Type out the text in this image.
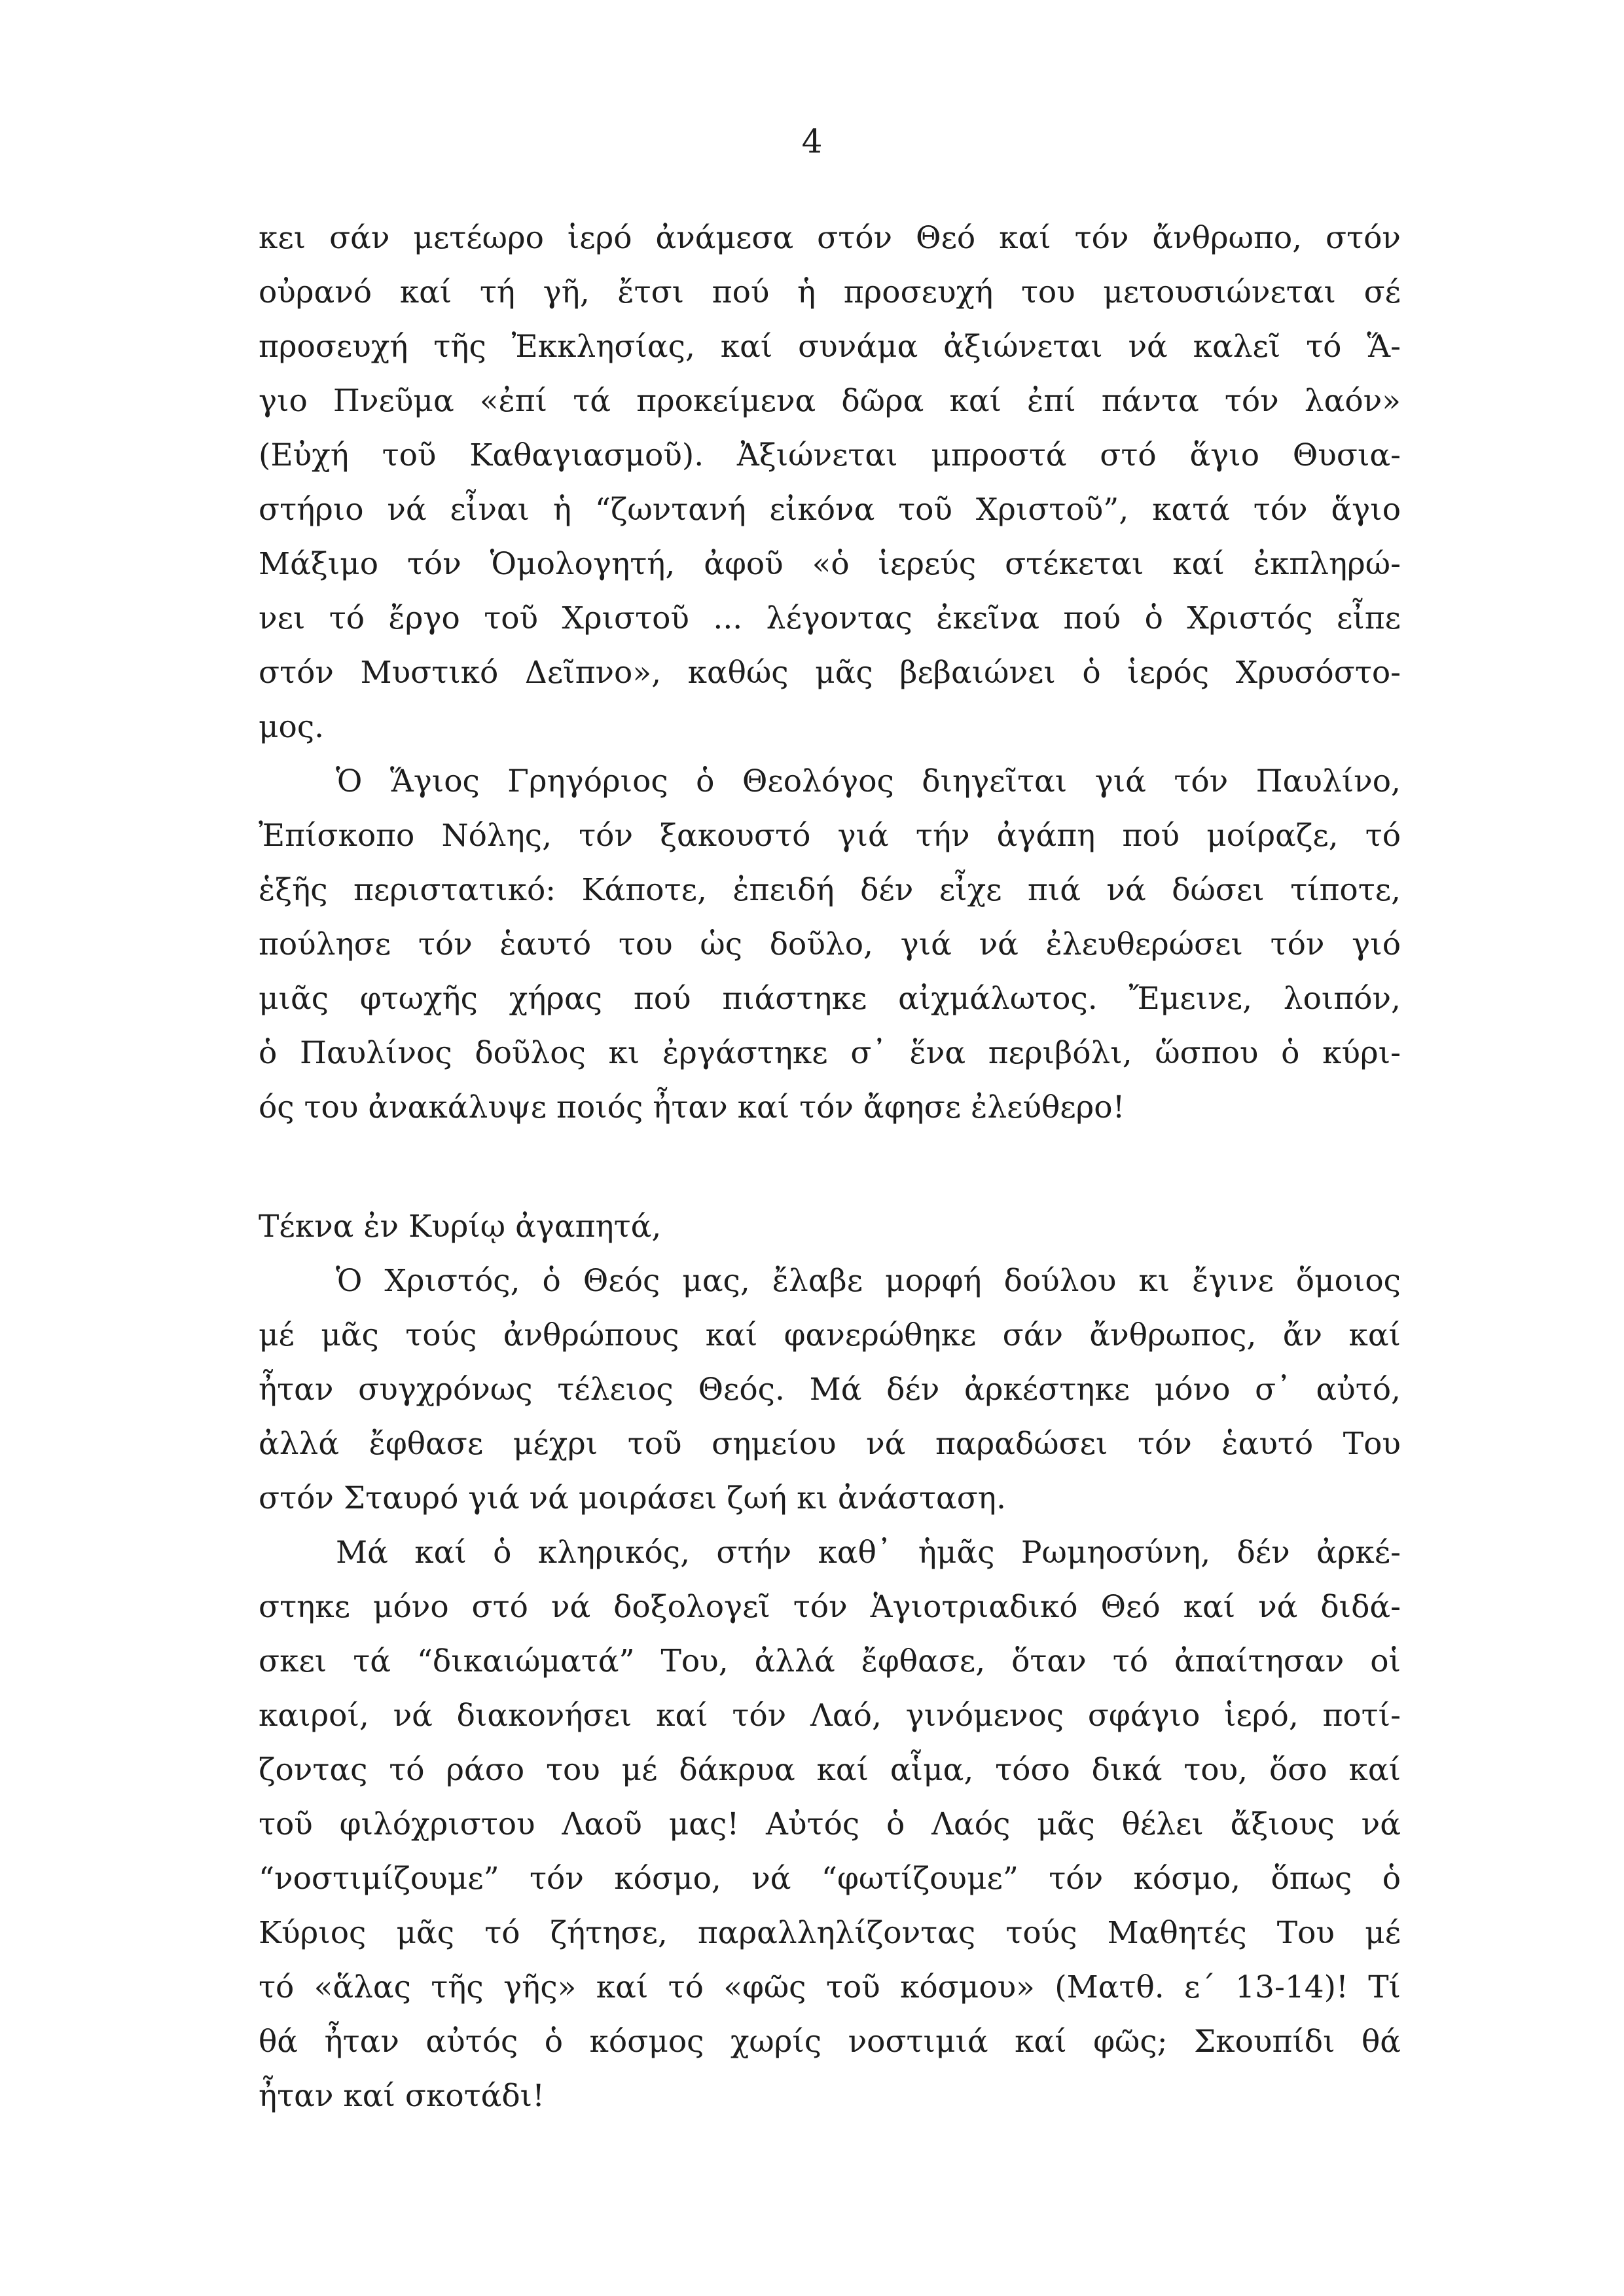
4
κει σάν μετέωρο ἱερό ἀνάμεσα στόν Θεό καί τόν ἄνθρωπο, στόν
οὐρανό καί τή γῆ, ἔτσι πού ἡ προσευχή του μετουσιώνεται σέ
προσευχή τῆς Ἐκκλησίας, καί συνάμα ἀξιώνεται νά καλεῖ τό Ἅ-
γιο Πνεῦμα «ἐπί τά προκείμενα δῶρα καί ἐπί πάντα τόν λαόν»
(Εὐχή τοῦ Καθαγιασμοῦ). Ἀξιώνεται μπροστά στό ἅγιο Θυσια-
στήριο νά εἶναι ἡ “ζωντανή εἰκόνα τοῦ Χριστοῦ”, κατά τόν ἅγιο
Μάξιμο τόν Ὁμολογητή, ἀφοῦ «ὁ ἱερεύς στέκεται καί ἐκπληρώ-
νει τό ἔργο τοῦ Χριστοῦ ... λέγοντας ἐκεῖνα πού ὁ Χριστός εἶπε
στόν Μυστικό Δεῖπνο», καθώς μᾶς βεβαιώνει ὁ ἱερός Χρυσόστο-
μος.
Ὁ Ἅγιος Γρηγόριος ὁ Θεολόγος διηγεῖται γιά τόν Παυλίνο,
Ἐπίσκοπο Νόλης, τόν ξακουστό γιά τήν ἀγάπη πού μοίραζε, τό
ἑξῆς περιστατικό: Κάποτε, ἐπειδή δέν εἶχε πιά νά δώσει τίποτε,
πούλησε τόν ἑαυτό του ὡς δοῦλο, γιά νά ἐλευθερώσει τόν γιό
μιᾶς φτωχῆς χήρας πού πιάστηκε αἰχμάλωτος. Ἔμεινε, λοιπόν,
ὁ Παυλίνος δοῦλος κι ἐργάστηκε σ᾽ ἕνα περιβόλι, ὥσπου ὁ κύρι-
ός του ἀνακάλυψε ποιός ἦταν καί τόν ἄφησε ἐλεύθερο!
Τέκνα ἐν Κυρίῳ ἀγαπητά,
Ὁ Χριστός, ὁ Θεός μας, ἔλαβε μορφή δούλου κι ἔγινε ὅμοιος
μέ μᾶς τούς ἀνθρώπους καί φανερώθηκε σάν ἄνθρωπος, ἄν καί
ἦταν συγχρόνως τέλειος Θεός. Μά δέν ἀρκέστηκε μόνο σ᾽ αὐτό,
ἀλλά ἔφθασε μέχρι τοῦ σημείου νά παραδώσει τόν ἑαυτό Του
στόν Σταυρό γιά νά μοιράσει ζωή κι ἀνάσταση.
Μά καί ὁ κληρικός, στήν καθ᾽ ἡμᾶς Ρωμηοσύνη, δέν ἀρκέ-
στηκε μόνο στό νά δοξολογεῖ τόν Ἁγιοτριαδικό Θεό καί νά διδά-
σκει τά “δικαιώματά” Του, ἀλλά ἔφθασε, ὅταν τό ἀπαίτησαν οἱ
καιροί, νά διακονήσει καί τόν Λαό, γινόμενος σφάγιο ἱερό, ποτί-
ζοντας τό ράσο του μέ δάκρυα καί αἷμα, τόσο δικά του, ὅσο καί
τοῦ φιλόχριστου Λαοῦ μας! Αὐτός ὁ Λαός μᾶς θέλει ἄξιους νά
“νοστιμίζουμε” τόν κόσμο, νά “φωτίζουμε” τόν κόσμο, ὅπως ὁ
Κύριος μᾶς τό ζήτησε, παραλληλίζοντας τούς Μαθητές Του μέ
τό «ἅλας τῆς γῆς» καί τό «φῶς τοῦ κόσμου» (Ματθ. ε΄ 13-14)! Τί
θά ἦταν αὐτός ὁ κόσμος χωρίς νοστιμιά καί φῶς; Σκουπίδι θά
ἦταν καί σκοτάδι!
